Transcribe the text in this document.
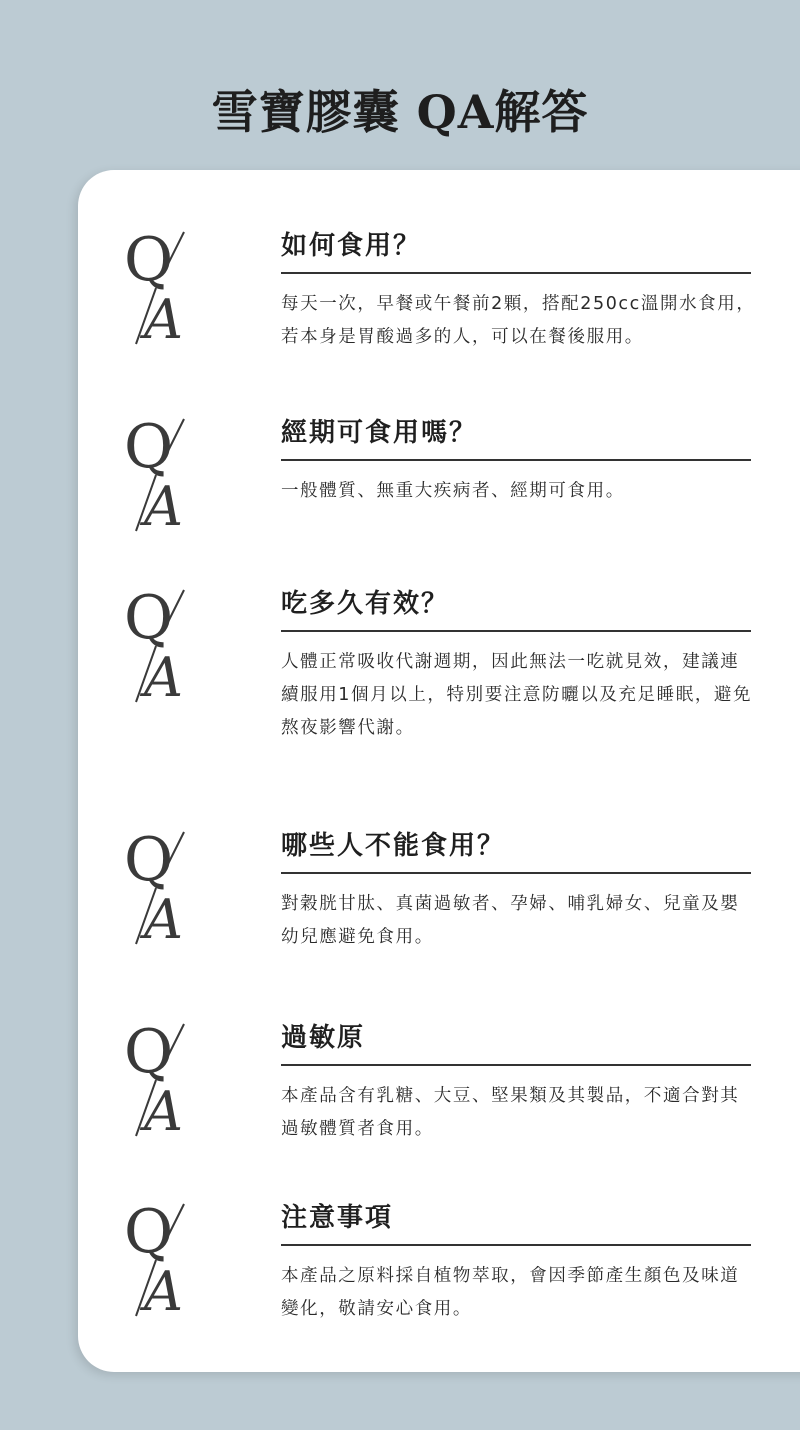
雪寶膠囊 QA解答
Q
A
如何食用？

每天一次，早餐或午餐前2顆，搭配250cc溫開水食用，若本身是胃酸過多的人，可以在餐後服用。

Q
A
經期可食用嗎？

一般體質、無重大疾病者、經期可食用。

Q
A
吃多久有效？

人體正常吸收代謝週期，因此無法一吃就見效，建議連續服用1個月以上，特別要注意防曬以及充足睡眠，避免熬夜影響代謝。

Q
A
哪些人不能食用？

對穀胱甘肽、真菌過敏者、孕婦、哺乳婦女、兒童及嬰幼兒應避免食用。

Q
A
過敏原

本產品含有乳糖、大豆、堅果類及其製品，不適合對其過敏體質者食用。

Q
A
注意事項

本產品之原料採自植物萃取，會因季節產生顏色及味道變化，敬請安心食用。
